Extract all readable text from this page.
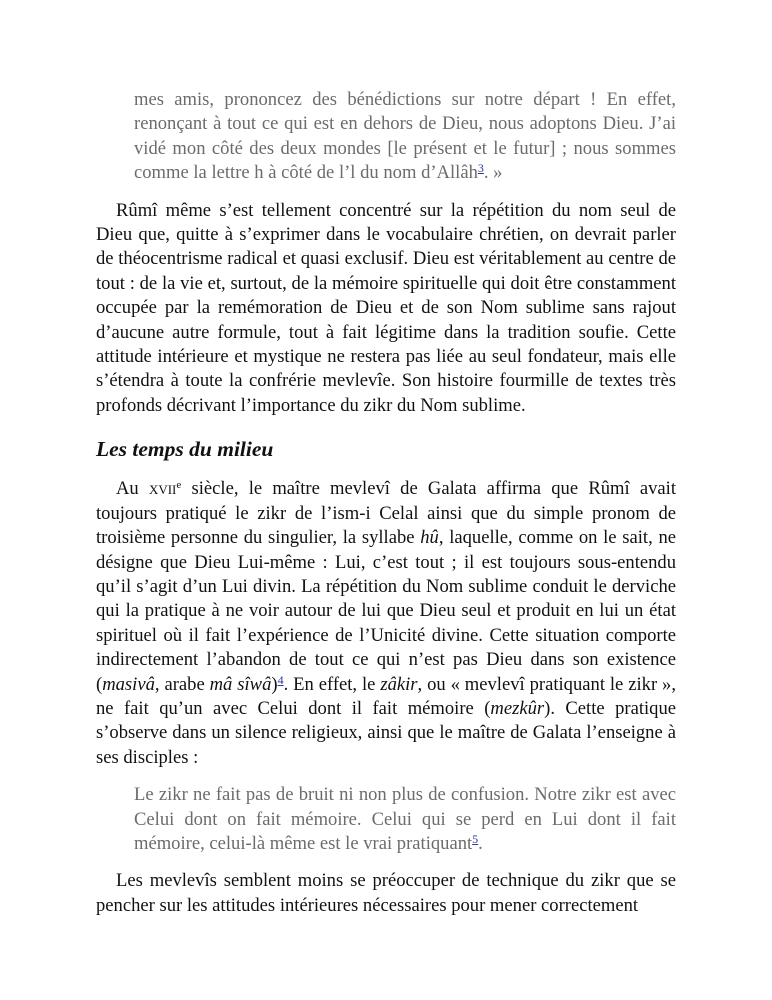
mes amis, prononcez des bénédictions sur notre départ ! En effet, renonçant à tout ce qui est en dehors de Dieu, nous adoptons Dieu. J’ai vidé mon côté des deux mondes [le présent et le futur] ; nous sommes comme la lettre h à côté de l’l du nom d’Allâh$^3$. »

Rûmî même s’est tellement concentré sur la répétition du nom seul de Dieu que, quitte à s’exprimer dans le vocabulaire chrétien, on devrait parler de théocentrisme radical et quasi exclusif. Dieu est véritablement au centre de tout : de la vie et, surtout, de la mémoire spirituelle qui doit être constamment occupée par la remémoration de Dieu et de son Nom sublime sans rajout d’aucune autre formule, tout à fait légitime dans la tradition soufie. Cette attitude intérieure et mystique ne restera pas liée au seul fondateur, mais elle s’étendra à toute la confrérie mevlevîe. Son histoire fourmille de textes très profonds décrivant l’importance du zikr du Nom sublime.

Les temps du milieu

Au xvii$^e$ siècle, le maître mevlevî de Galata affirma que Rûmî avait toujours pratiqué le zikr de l’ism-i Celal ainsi que du simple pronom de troisième personne du singulier, la syllabe hû, laquelle, comme on le sait, ne désigne que Dieu Lui-même : Lui, c’est tout ; il est toujours sous-entendu qu’il s’agit d’un Lui divin. La répétition du Nom sublime conduit le derviche qui la pratique à ne voir autour de lui que Dieu seul et produit en lui un état spirituel où il fait l’expérience de l’Unicité divine. Cette situation comporte indirectement l’abandon de tout ce qui n’est pas Dieu dans son existence (masivâ, arabe mâ sîwâ)$^4$. En effet, le zâkir, ou « mevlevî pratiquant le zikr », ne fait qu’un avec Celui dont il fait mémoire (mezkûr). Cette pratique s’observe dans un silence religieux, ainsi que le maître de Galata l’enseigne à ses disciples :

Le zikr ne fait pas de bruit ni non plus de confusion. Notre zikr est avec Celui dont on fait mémoire. Celui qui se perd en Lui dont il fait mémoire, celui-là même est le vrai pratiquant$^5$.

Les mevlevîs semblent moins se préoccuper de technique du zikr que se pencher sur les attitudes intérieures nécessaires pour mener correctement
